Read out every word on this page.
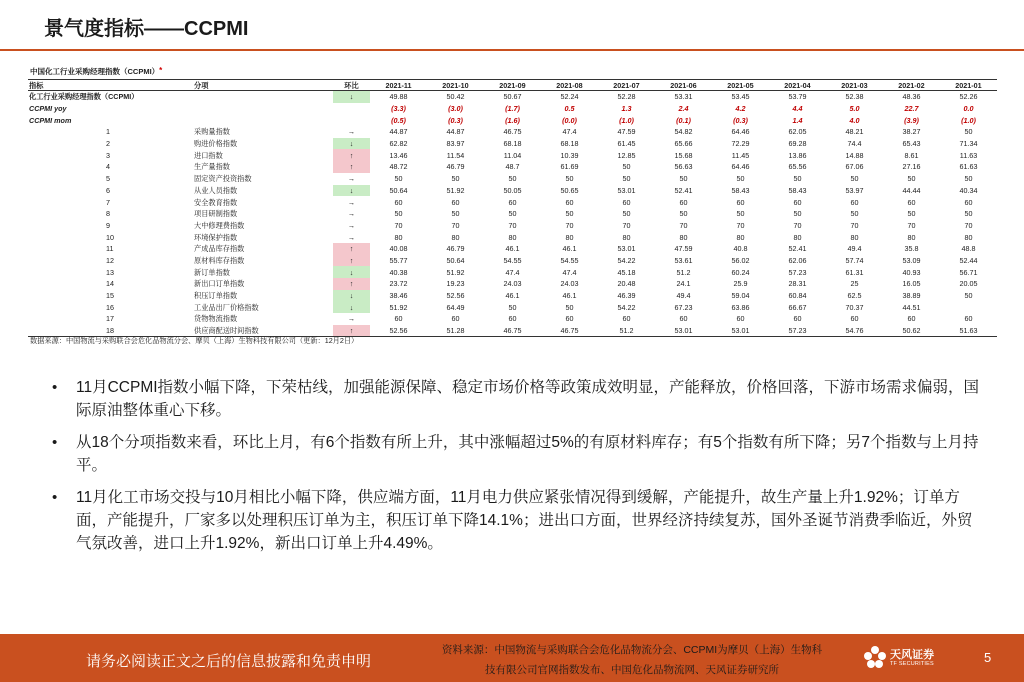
景气度指标——CCPMI
中国化工行业采购经理指数（CCPMI）*
指标	分项	环比	2021-11	2021-10	2021-09	2021-08	2021-07	2021-06	2021-05	2021-04	2021-03	2021-02	2021-01
化工行业采购经理指数（CCPMI）		↓	49.88	50.42	50.67	52.24	52.28	53.31	53.45	53.79	52.38	48.36	52.26
CCPMI yoy			(3.3)	(3.0)	(1.7)	0.5	1.3	2.4	4.2	4.4	5.0	22.7	0.0
CCPMI mom			(0.5)	(0.3)	(1.6)	(0.0)	(1.0)	(0.1)	(0.3)	1.4	4.0	(3.9)	(1.0)
1	采购量指数	→	44.87	44.87	46.75	47.4	47.59	54.82	64.46	62.05	48.21	38.27	50
2	购进价格指数	↓	62.82	83.97	68.18	68.18	61.45	65.66	72.29	69.28	74.4	65.43	71.34
3	进口指数	↑	13.46	11.54	11.04	10.39	12.85	15.68	11.45	13.86	14.88	8.61	11.63
4	生产量指数	↑	48.72	46.79	48.7	61.69	50	56.63	64.46	65.56	67.06	27.16	61.63
5	固定资产投资指数	→	50	50	50	50	50	50	50	50	50	50	50
6	从业人员指数	↓	50.64	51.92	50.05	50.65	53.01	52.41	58.43	58.43	53.97	44.44	40.34
7	安全教育指数	→	60	60	60	60	60	60	60	60	60	60	60
8	项目研制指数	→	50	50	50	50	50	50	50	50	50	50	50
9	大中修理费指数	→	70	70	70	70	70	70	70	70	70	70	70
10	环境保护指数	→	80	80	80	80	80	80	80	80	80	80	80
11	产成品库存指数	↑	40.08	46.79	46.1	46.1	53.01	47.59	40.8	52.41	49.4	35.8	48.8
12	原材料库存指数	↑	55.77	50.64	54.55	54.55	54.22	53.61	56.02	62.06	57.74	53.09	52.44
13	新订单指数	↓	40.38	51.92	47.4	47.4	45.18	51.2	60.24	57.23	61.31	40.93	56.71
14	新出口订单指数	↑	23.72	19.23	24.03	24.03	20.48	24.1	25.9	28.31	25	16.05	20.05
15	积压订单指数	↓	38.46	52.56	46.1	46.1	46.39	49.4	59.04	60.84	62.5	38.89	50
16	工业品出厂价格指数	↓	51.92	64.49	50	50	54.22	67.23	63.86	66.67	70.37	44.51	
17	货物物流指数	→	60	60	60	60	60	60	60	60	60	60	60
18	供应商配送时间指数	↑	52.56	51.28	46.75	46.75	51.2	53.01	53.01	57.23	54.76	50.62	51.63
数据来源：中国物流与采购联合会危化品物流分会、摩贝（上海）生物科技有限公司（更新：12月2日）
• 11月CCPMI指数小幅下降，下荣枯线，加强能源保障、稳定市场价格等政策成效明显，产能释放，价格回落，下游市场需求偏弱，国际原油整体重心下移。
• 从18个分项指数来看，环比上月，有6个指数有所上升，其中涨幅超过5%的有原材料库存；有5个指数有所下降；另7个指数与上月持平。
• 11月化工市场交投与10月相比小幅下降，供应端方面，11月电力供应紧张情况得到缓解，产能提升，故生产量上升1.92%；订单方面，产能提升，厂家多以处理积压订单为主，积压订单下降14.1%；进出口方面，世界经济持续复苏，国外圣诞节消费季临近，外贸气氛改善，进口上升1.92%，新出口订单上升4.49%。
请务必阅读正文之后的信息披露和免责申明
资料来源：中国物流与采购联合会危化品物流分会、CCPMI为摩贝（上海）生物科
技有限公司官网指数发布、中国危化品物流网、天风证券研究所
天风证券
TF SECURITIES	5
